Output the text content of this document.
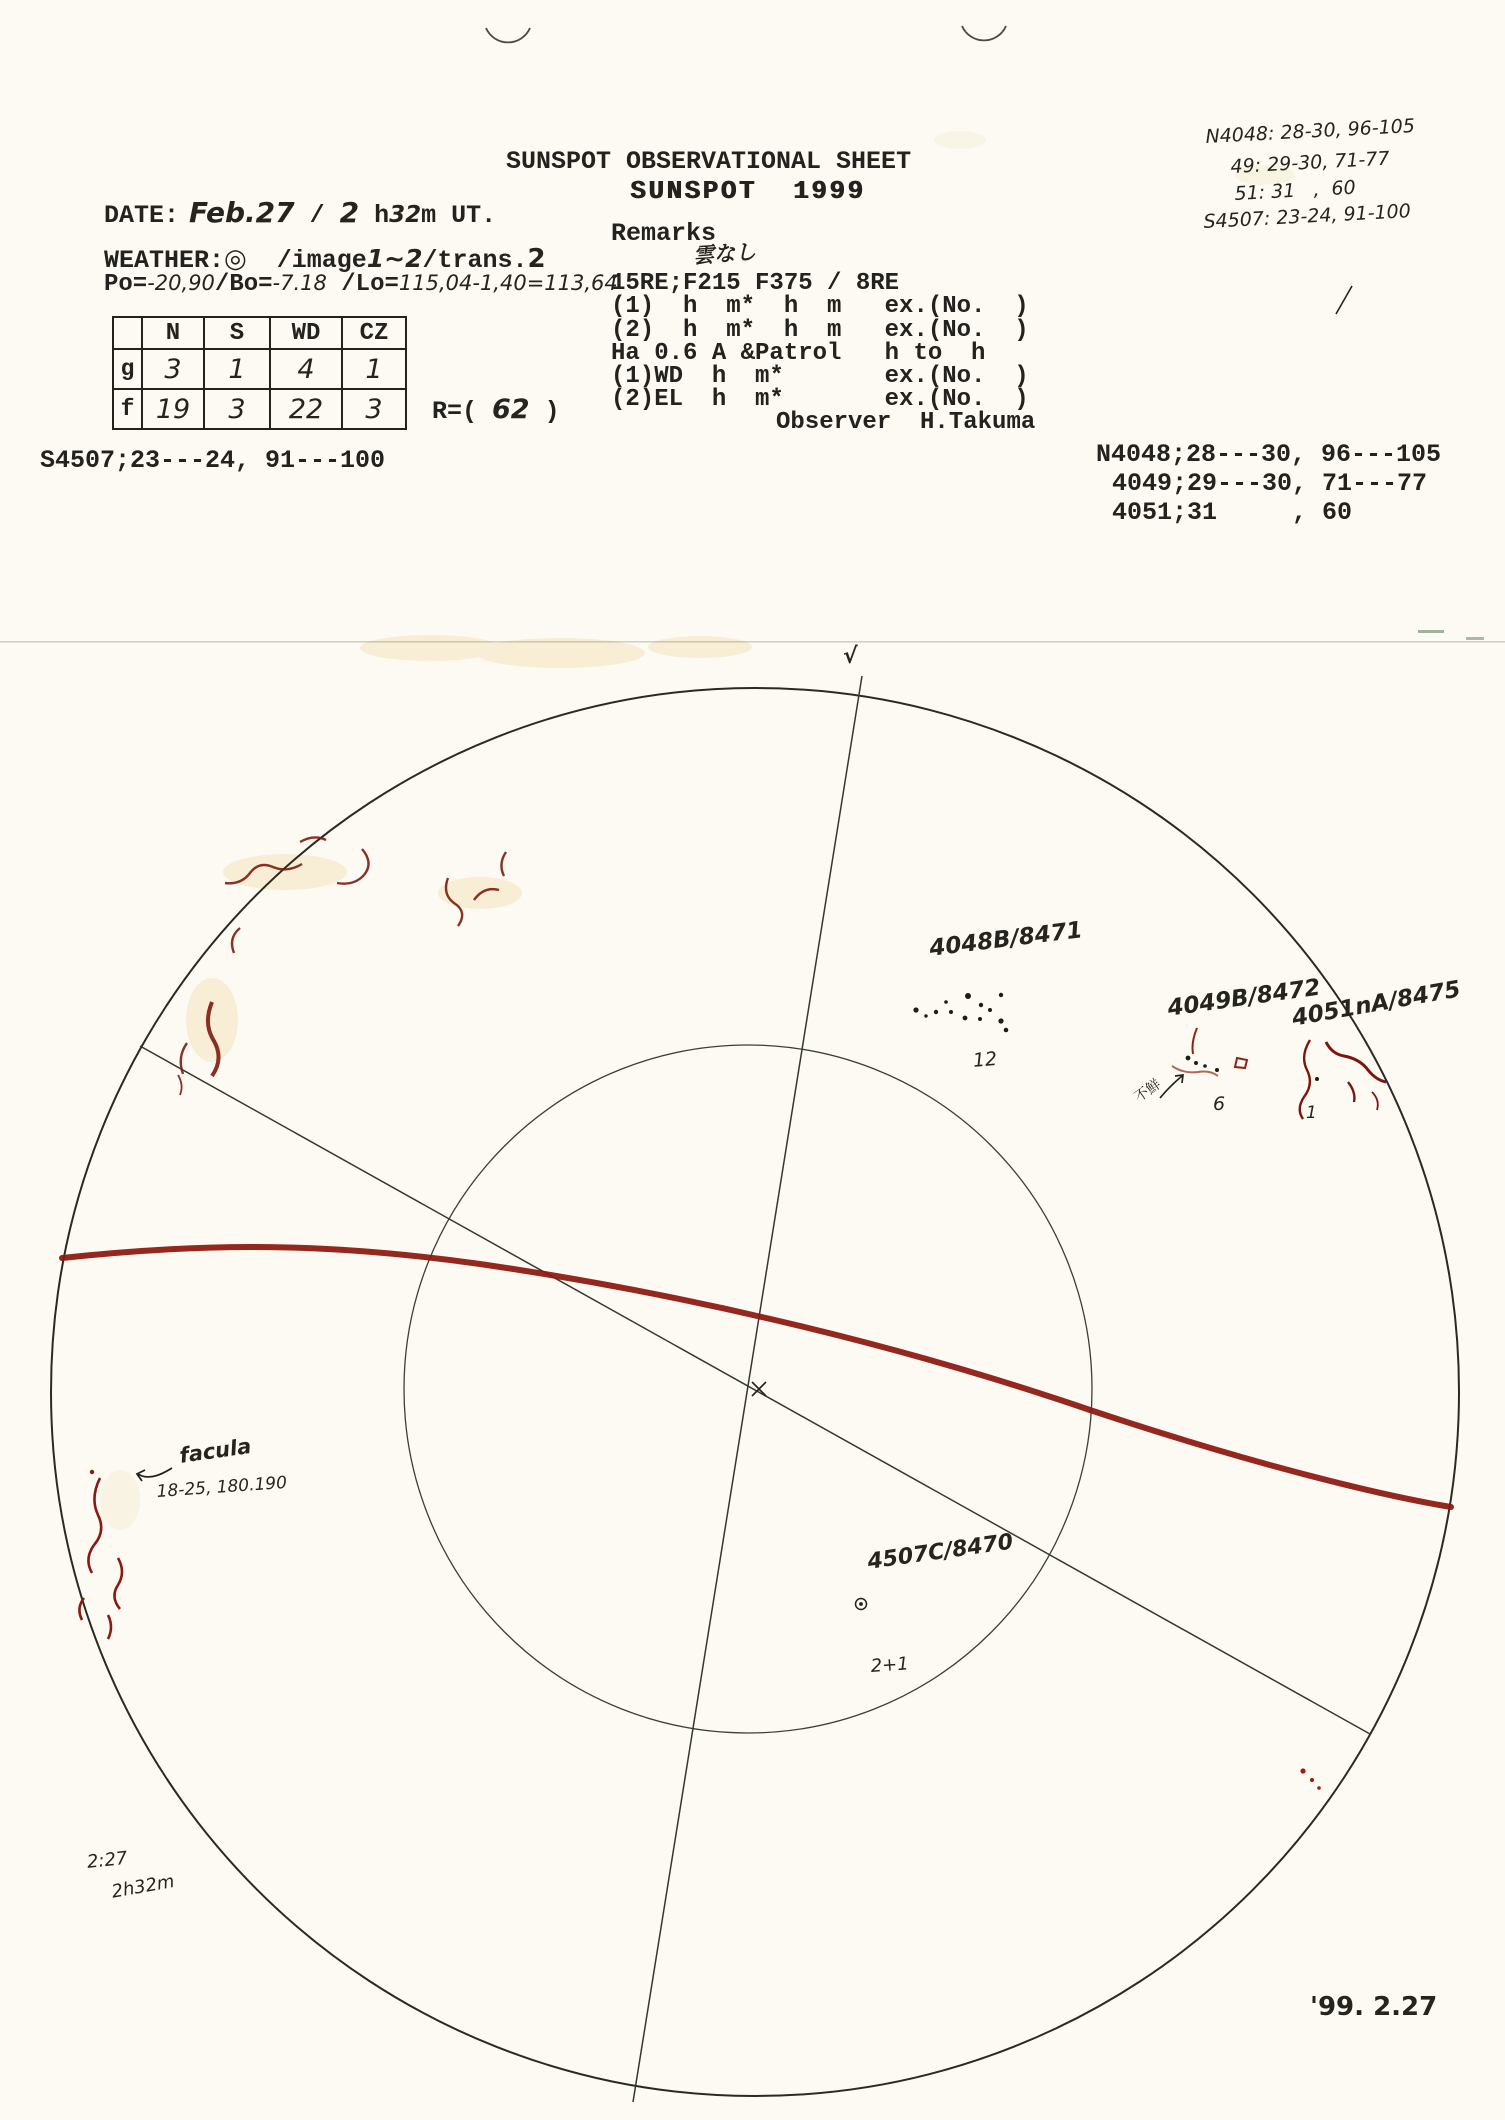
SUNSPOT OBSERVATIONAL SHEET
SUNSPOT  1999
DATE: Feb.27 / 2 h32m UT.
WEATHER:◎  /image1~2/trans.2
Po=-20,90/Bo=-7.18 /Lo=115,04-1,40=113,64
	N	S	WD	CZ
g	3	1	4	1
f	19	3	22	3 R=( 62 )
S4507;23---24, 91---100	N4048;28---30, 96---105
4049;29---30, 71---77
4051;31     , 60
Remarks
雲なし
15RE;F215 F375 / 8RE
(1)  h  m*  h  m   ex.(No.  )
(2)  h  m*  h  m   ex.(No.  )
Ha 0.6 A &Patrol   h to  h
(1)WD  h  m*       ex.(No.  )
(2)EL  h  m*       ex.(No.  )
Observer  H.Takuma
N4048: 28-30, 96-105
49: 29-30, 71-77
51: 31   ,  60
S4507: 23-24, 91-100
√
4048B/8471
12
4049B/8472
6
不鮮
4051nA/8475
1
4507C/8470
2+1
facula
18-25, 180.190
2:27
2h32m
'99. 2.27
